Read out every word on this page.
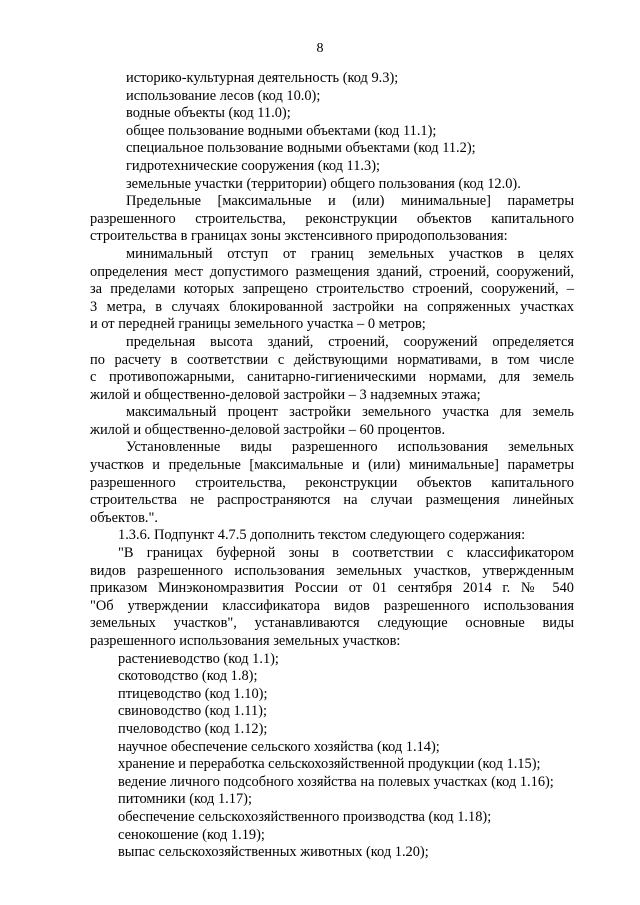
8

историко-культурная деятельность (код 9.3);

использование лесов (код 10.0);

водные объекты (код 11.0);

общее пользование водными объектами (код 11.1);

специальное пользование водными объектами (код 11.2);

гидротехнические сооружения (код 11.3);

земельные участки (территории) общего пользования (код 12.0).

Предельные [максимальные и (или) минимальные] параметры

разрешенного строительства, реконструкции объектов капитального

строительства в границах зоны экстенсивного природопользования:

минимальный отступ от границ земельных участков в целях

определения мест допустимого размещения зданий, строений, сооружений,

за пределами которых запрещено строительство строений, сооружений, –

3 метра, в случаях блокированной застройки на сопряженных участках

и от передней границы земельного участка – 0 метров;

предельная высота зданий, строений, сооружений определяется

по расчету в соответствии с действующими нормативами, в том числе

с противопожарными, санитарно-гигиеническими нормами, для земель

жилой и общественно-деловой застройки – 3 надземных этажа;

максимальный процент застройки земельного участка для земель

жилой и общественно-деловой застройки – 60 процентов.

Установленные виды разрешенного использования земельных

участков и предельные [максимальные и (или) минимальные] параметры

разрешенного строительства, реконструкции объектов капитального

строительства не распространяются на случаи размещения линейных

объектов.".

1.3.6. Подпункт 4.7.5 дополнить текстом следующего содержания:

"В границах буферной зоны в соответствии с классификатором

видов разрешенного использования земельных участков, утвержденным

приказом Минэкономразвития России от 01 сентября 2014 г. № 540

"Об утверждении классификатора видов разрешенного использования

земельных участков", устанавливаются следующие основные виды

разрешенного использования земельных участков:

растениеводство (код 1.1);

скотоводство (код 1.8);

птицеводство (код 1.10);

свиноводство (код 1.11);

пчеловодство (код 1.12);

научное обеспечение сельского хозяйства (код 1.14);

хранение и переработка сельскохозяйственной продукции (код 1.15);

ведение личного подсобного хозяйства на полевых участках (код 1.16);

питомники (код 1.17);

обеспечение сельскохозяйственного производства (код 1.18);

сенокошение (код 1.19);

выпас сельскохозяйственных животных (код 1.20);
